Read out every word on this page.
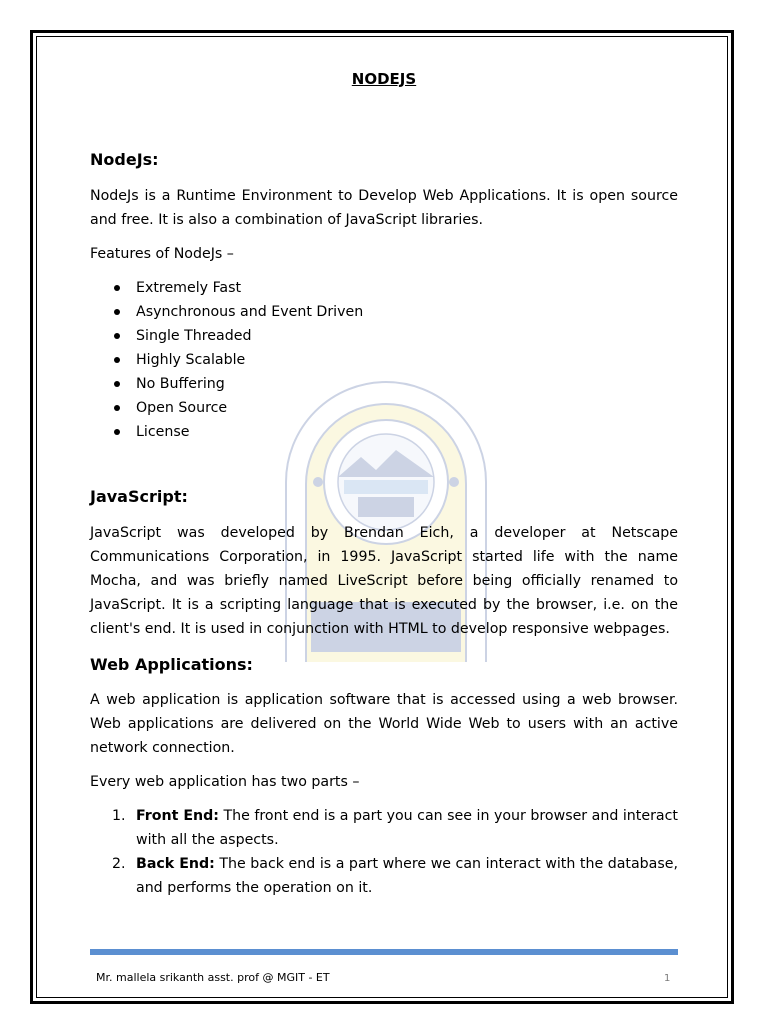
NODEJS
NodeJs:

NodeJs is a Runtime Environment to Develop Web Applications. It is open source and free. It is also a combination of JavaScript libraries.

Features of NodeJs –

Extremely Fast
Asynchronous and Event Driven
Single Threaded
Highly Scalable
No Buffering
Open Source
License
JavaScript:

JavaScript was developed by Brendan Eich, a developer at Netscape Communications Corporation, in 1995. JavaScript started life with the name Mocha, and was briefly named LiveScript before being officially renamed to JavaScript. It is a scripting language that is executed by the browser, i.e. on the client's end. It is used in conjunction with HTML to develop responsive webpages.

Web Applications:

A web application is application software that is accessed using a web browser. Web applications are delivered on the World Wide Web to users with an active network connection.

Every web application has two parts –

1. Front End: The front end is a part you can see in your browser and interact with all the aspects.
2. Back End: The back end is a part where we can interact with the database, and performs the operation on it.

Mr. mallela srikanth asst. prof @ MGIT - ET	1
